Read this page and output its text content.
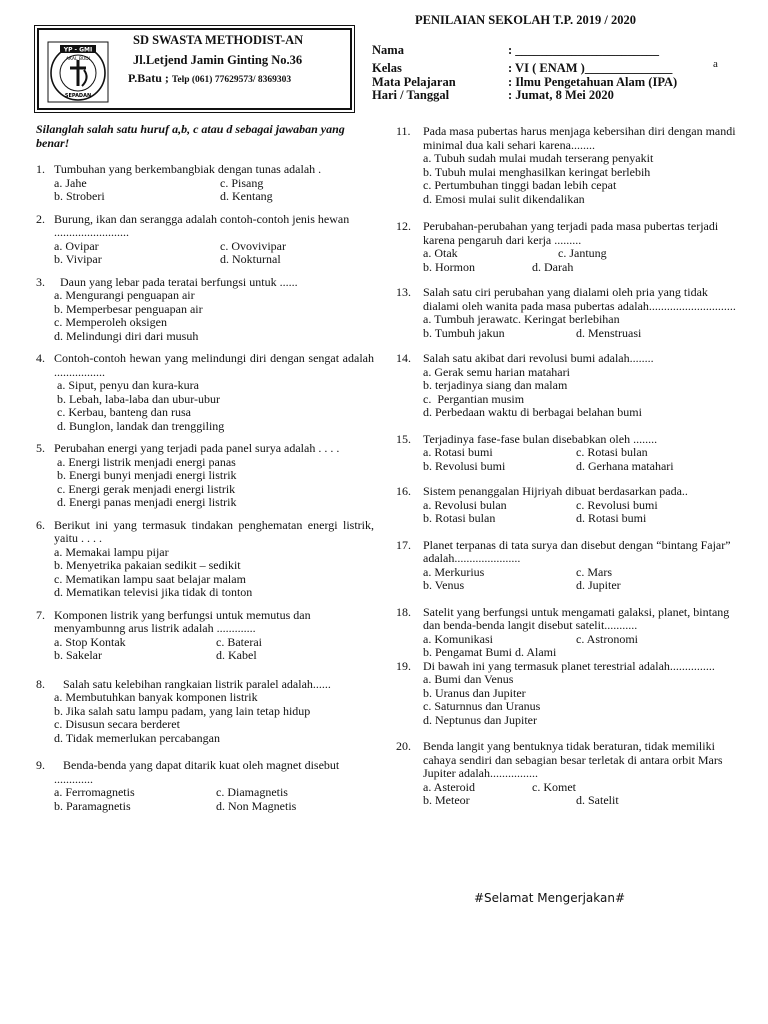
PENILAIAN SEKOLAH T.P. 2019 / 2020
YP - GMI
AKAL BUDI
SEPADAN
SD SWASTA METHODIST-AN
Jl.Letjend Jamin Ginting No.36
P.Batu ; Telp (061) 77629573/ 8369303
Nama	: _______________________
Kelas	: VI ( ENAM )______________
Mata Pelajaran	: Ilmu Pengetahuan Alam (IPA)
Hari / Tanggal	: Jumat, 8 Mei 2020
a
Silanglah salah satu huruf a,b, c atau d sebagai jawaban yang benar!
1. Tumbuhan yang berkembangbiak dengan tunas adalah .
a. Jahe	c. Pisang
b. Stroberi	d. Kentang
2. Burung, ikan dan serangga adalah contoh-contoh jenis hewan .........................
a. Ovipar	c. Ovovivipar
b. Vivipar	d. Nokturnal
3. Daun yang lebar pada teratai berfungsi untuk ......
a. Mengurangi penguapan air
b. Memperbesar penguapan air
c. Memperoleh oksigen
d. Melindungi diri dari musuh
4. Contoh-contoh hewan yang melindungi diri dengan sengat adalah .................
a. Siput, penyu dan kura-kura
b. Lebah, laba-laba dan ubur-ubur
c. Kerbau, banteng dan rusa
d. Bunglon, landak dan trenggiling
5. Perubahan energi yang terjadi pada panel surya adalah . . . .
a. Energi listrik menjadi energi panas
b. Energi bunyi menjadi energi listrik
c. Energi gerak menjadi energi listrik
d. Energi panas menjadi energi listrik
6. Berikut ini yang termasuk tindakan penghematan energi listrik, yaitu . . . .
a. Memakai lampu pijar
b. Menyetrika pakaian sedikit – sedikit
c. Mematikan lampu saat belajar malam
d. Mematikan televisi jika tidak di tonton
7. Komponen listrik yang berfungsi untuk memutus dan menyambunng arus listrik adalah .............
a. Stop Kontak	c. Baterai
b. Sakelar	d. Kabel
8. Salah satu kelebihan rangkaian listrik paralel adalah......
a. Membutuhkan banyak komponen listrik
b. Jika salah satu lampu padam, yang lain tetap hidup
c. Disusun secara berderet
d. Tidak memerlukan percabangan
9. Benda-benda yang dapat ditarik kuat oleh magnet disebut .............
a. Ferromagnetis	c. Diamagnetis
b. Paramagnetis	d. Non Magnetis
11.	Pada masa pubertas harus menjaga kebersihan diri dengan mandi minimal dua kali sehari karena........
a. Tubuh sudah mulai mudah terserang penyakit
b. Tubuh mulai menghasilkan keringat berlebih
c. Pertumbuhan tinggi badan lebih cepat
d. Emosi mulai sulit dikendalikan
12.	Perubahan-perubahan yang terjadi pada masa pubertas terjadi karena pengaruh dari kerja .........
a. Otak	c. Jantung
b. Hormon	d. Darah
13.	Salah satu ciri perubahan yang dialami oleh pria yang tidak dialami oleh wanita pada masa pubertas adalah.............................
a. Tumbuh jerawatc. Keringat berlebihan
b. Tumbuh jakun	d. Menstruasi
14.	Salah satu akibat dari revolusi bumi adalah........
a. Gerak semu harian matahari
b. terjadinya siang dan malam
c.  Pergantian musim
d. Perbedaan waktu di berbagai belahan bumi
15.	Terjadinya fase-fase bulan disebabkan oleh ........
a. Rotasi bumi	c. Rotasi bulan
b. Revolusi bumi	d. Gerhana matahari
16.	Sistem penanggalan Hijriyah dibuat berdasarkan pada..
a. Revolusi bulan	c. Revolusi bumi
b. Rotasi bulan	d. Rotasi bumi
17.	Planet terpanas di tata surya dan disebut dengan “bintang Fajar” adalah......................
a. Merkurius	c. Mars
b. Venus	d. Jupiter
18.	Satelit yang berfungsi untuk mengamati galaksi, planet, bintang dan benda-benda langit disebut satelit...........
a. Komunikasi	c. Astronomi
b. Pengamat Bumi d. Alami
19.	Di bawah ini yang termasuk planet terestrial adalah...............
a. Bumi dan Venus
b. Uranus dan Jupiter
c. Saturnnus dan Uranus
d. Neptunus dan Jupiter
20.	Benda langit yang bentuknya tidak beraturan, tidak memiliki cahaya sendiri dan sebagian besar terletak di antara orbit Mars Jupiter adalah................
a. Asteroid	c. Komet
b. Meteor	d. Satelit
#Selamat Mengerjakan#
